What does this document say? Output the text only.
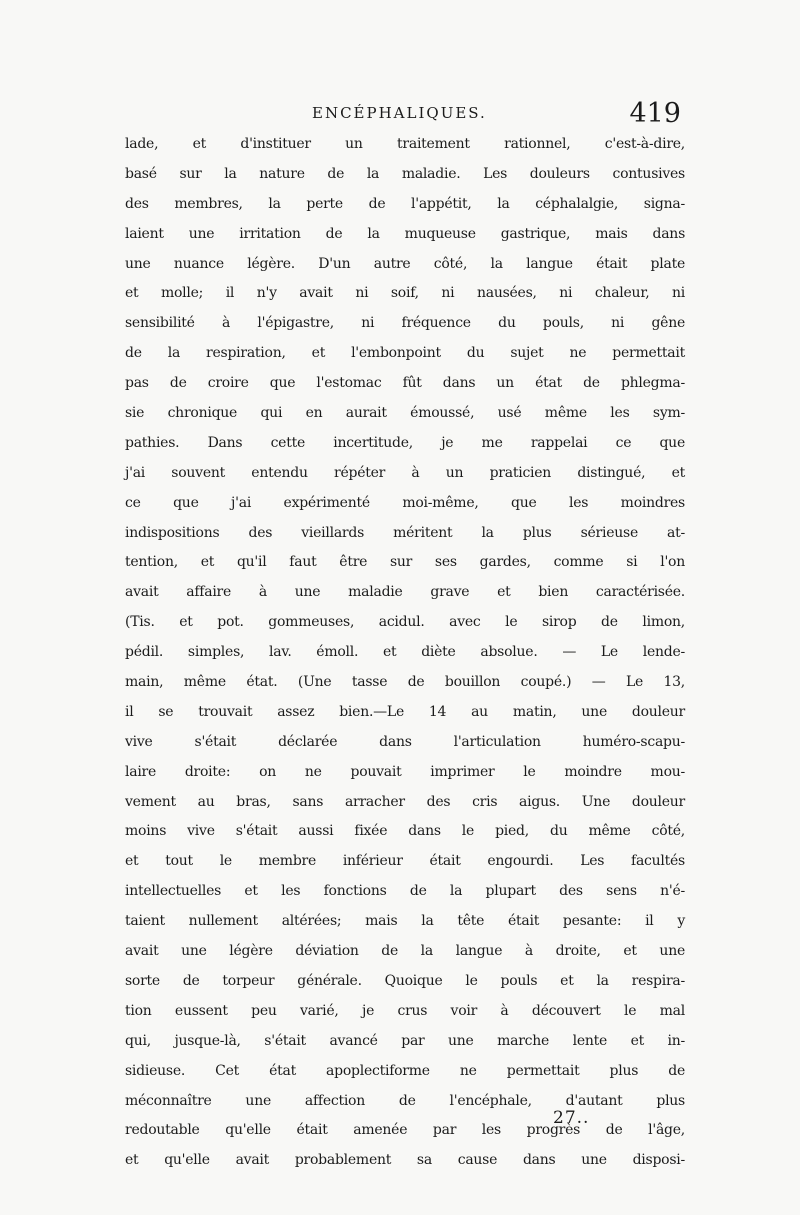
ENCÉPHALIQUES.	419
lade, et d'instituer un traitement rationnel, c'est-à-dire,
basé sur la nature de la maladie. Les douleurs contusives
des membres, la perte de l'appétit, la céphalalgie, signa-
laient une irritation de la muqueuse gastrique, mais dans
une nuance légère. D'un autre côté, la langue était plate
et molle; il n'y avait ni soif, ni nausées, ni chaleur, ni
sensibilité à l'épigastre, ni fréquence du pouls, ni gêne
de la respiration, et l'embonpoint du sujet ne permettait
pas de croire que l'estomac fût dans un état de phlegma-
sie chronique qui en aurait émoussé, usé même les sym-
pathies. Dans cette incertitude, je me rappelai ce que
j'ai souvent entendu répéter à un praticien distingué, et
ce que j'ai expérimenté moi-même, que les moindres
indispositions des vieillards méritent la plus sérieuse at-
tention, et qu'il faut être sur ses gardes, comme si l'on
avait affaire à une maladie grave et bien caractérisée.
(Tis. et pot. gommeuses, acidul. avec le sirop de limon,
pédil. simples, lav. émoll. et diète absolue. — Le lende-
main, même état. (Une tasse de bouillon coupé.) — Le 13,
il se trouvait assez bien.—Le 14 au matin, une douleur
vive s'était déclarée dans l'articulation huméro-scapu-
laire droite: on ne pouvait imprimer le moindre mou-
vement au bras, sans arracher des cris aigus. Une douleur
moins vive s'était aussi fixée dans le pied, du même côté,
et tout le membre inférieur était engourdi. Les facultés
intellectuelles et les fonctions de la plupart des sens n'é-
taient nullement altérées; mais la tête était pesante: il y
avait une légère déviation de la langue à droite, et une
sorte de torpeur générale. Quoique le pouls et la respira-
tion eussent peu varié, je crus voir à découvert le mal
qui, jusque-là, s'était avancé par une marche lente et in-
sidieuse. Cet état apoplectiforme ne permettait plus de
méconnaître une affection de l'encéphale, d'autant plus
redoutable qu'elle était amenée par les progrès de l'âge,
et qu'elle avait probablement sa cause dans une disposi-
27..
